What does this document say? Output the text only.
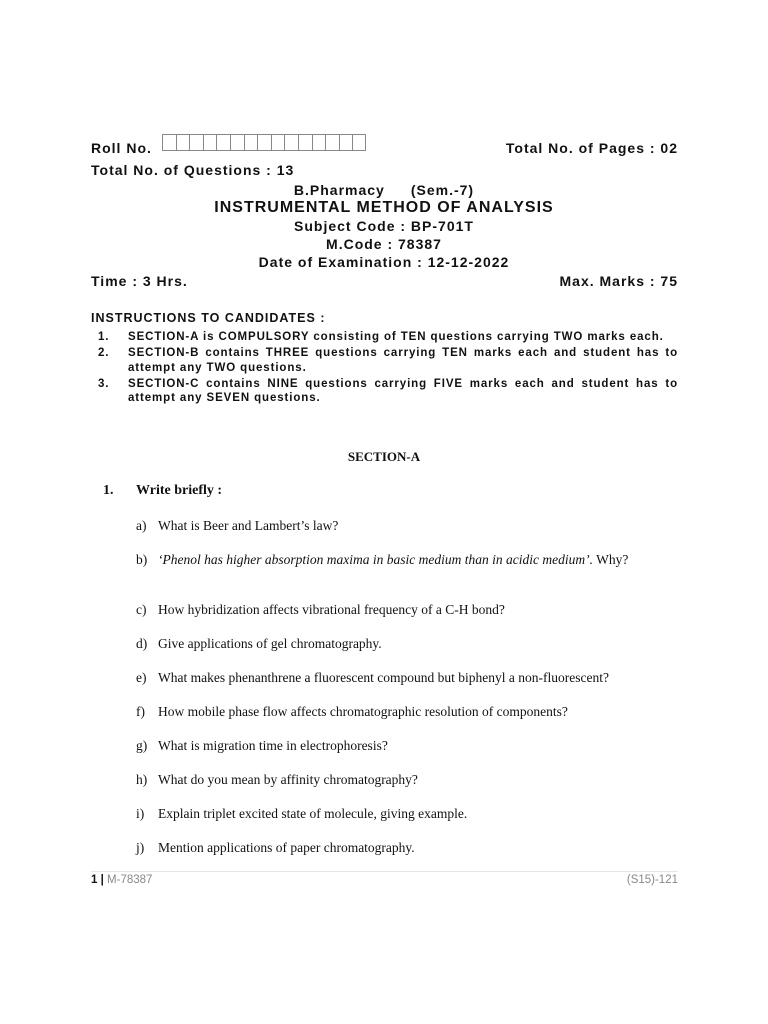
Roll No.	Total No. of Pages : 02
Total No. of Questions : 13
B.Pharmacy (Sem.-7)
INSTRUMENTAL METHOD OF ANALYSIS
Subject Code : BP-701T
M.Code : 78387
Date of Examination : 12-12-2022
Time : 3 Hrs.	Max. Marks : 75
INSTRUCTIONS TO CANDIDATES :
1. SECTION-A is COMPULSORY consisting of TEN questions carrying TWO marks each.
2. SECTION-B contains THREE questions carrying TEN marks each and student has to attempt any TWO questions.
3. SECTION-C contains NINE questions carrying FIVE marks each and student has to attempt any SEVEN questions.
SECTION-A
1. Write briefly :
a) What is Beer and Lambert’s law?
b) ‘Phenol has higher absorption maxima in basic medium than in acidic medium’. Why?
c) How hybridization affects vibrational frequency of a C-H bond?
d) Give applications of gel chromatography.
e) What makes phenanthrene a fluorescent compound but biphenyl a non-fluorescent?
f) How mobile phase flow affects chromatographic resolution of components?
g) What is migration time in electrophoresis?
h) What do you mean by affinity chromatography?
i)	Explain triplet excited state of molecule, giving example.
j)	Mention applications of paper chromatography.
1 | M-78387	(S15)-121
